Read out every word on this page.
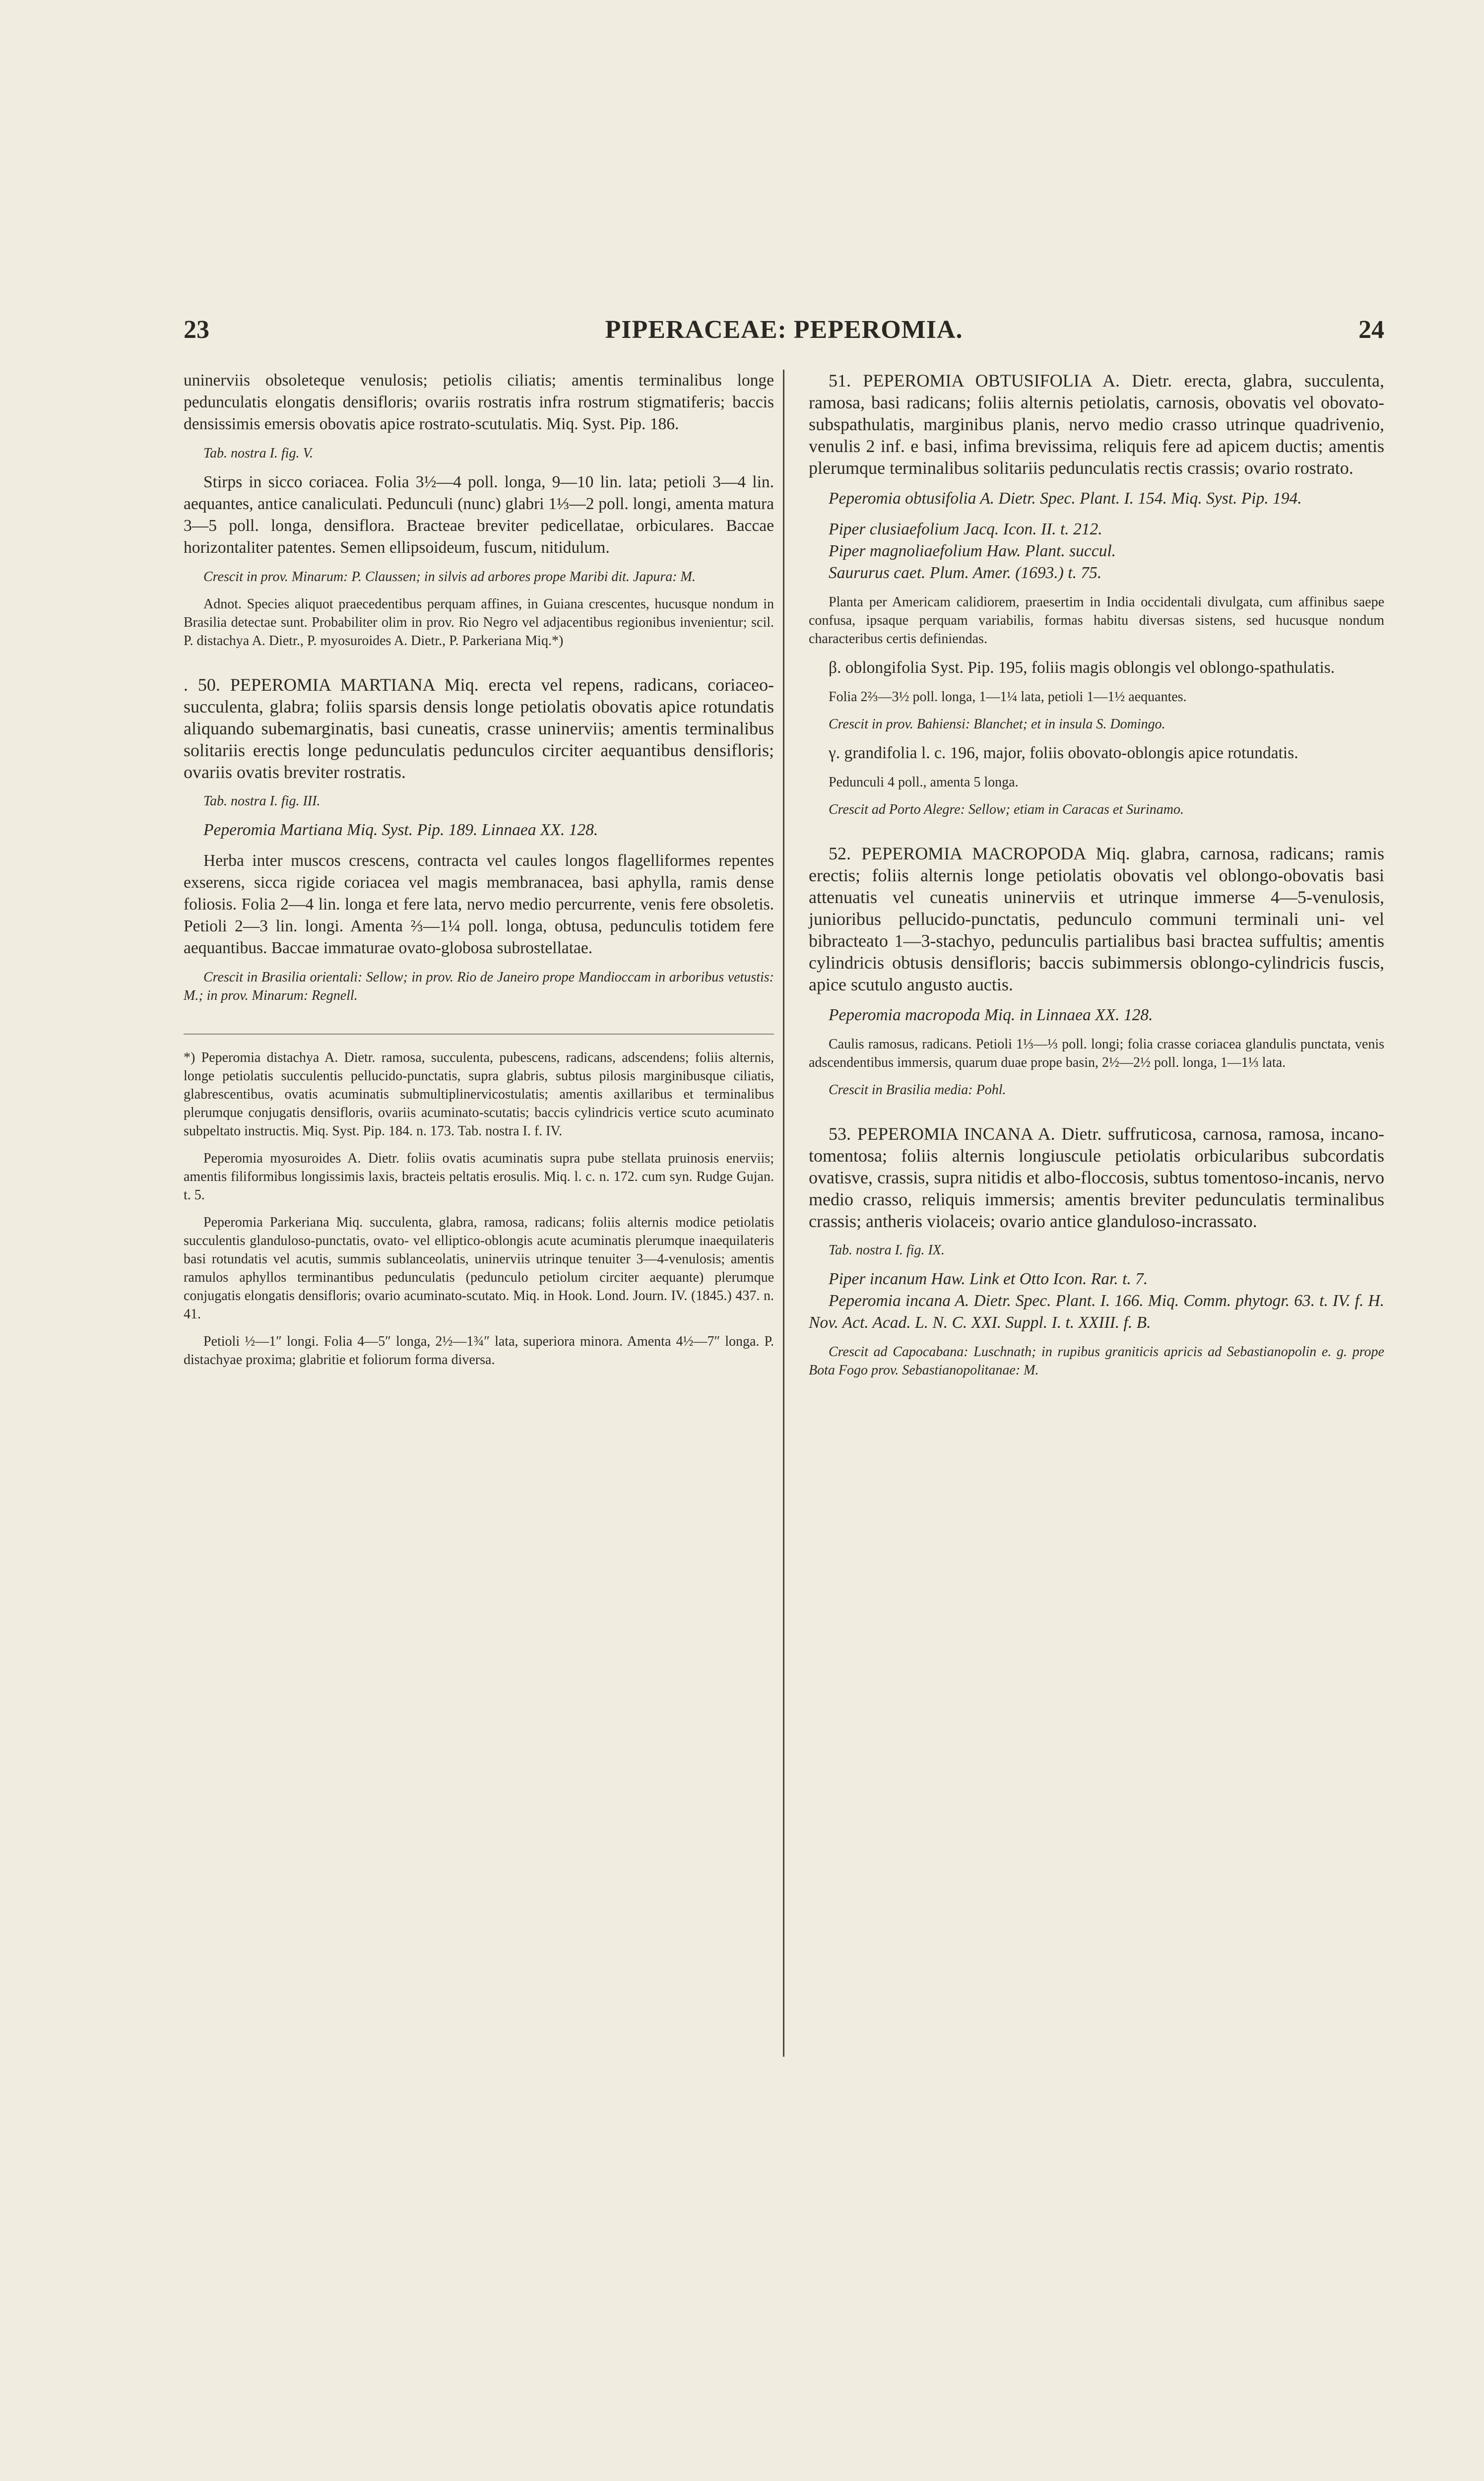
23	PIPERACEAE: PEPEROMIA.	24

uninerviis obsoleteque venulosis; petiolis ciliatis; amentis terminalibus longe pedunculatis elongatis densifloris; ovariis rostratis infra rostrum stigmatiferis; baccis densissimis emersis obovatis apice rostrato-scutulatis. Miq. Syst. Pip. 186.

Tab. nostra I. fig. V.

Stirps in sicco coriacea. Folia 3½—4 poll. longa, 9—10 lin. lata; petioli 3—4 lin. aequantes, antice canaliculati. Pedunculi (nunc) glabri 1⅓—2 poll. longi, amenta matura 3—5 poll. longa, densiflora. Bracteae breviter pedicellatae, orbiculares. Baccae horizontaliter patentes. Semen ellipsoideum, fuscum, nitidulum.

Crescit in prov. Minarum: P. Claussen; in silvis ad arbores prope Maribi dit. Japura: M.

Adnot. Species aliquot praecedentibus perquam affines, in Guiana crescentes, hucusque nondum in Brasilia detectae sunt. Probabiliter olim in prov. Rio Negro vel adjacentibus regionibus invenientur; scil. P. distachya A. Dietr., P. myosuroides A. Dietr., P. Parkeriana Miq.*)

. 50. PEPEROMIA MARTIANA Miq. erecta vel repens, radicans, coriaceo-succulenta, glabra; foliis sparsis densis longe petiolatis obovatis apice rotundatis aliquando subemarginatis, basi cuneatis, crasse uninerviis; amentis terminalibus solitariis erectis longe pedunculatis pedunculos circiter aequantibus densifloris; ovariis ovatis breviter rostratis.

Tab. nostra I. fig. III.

Peperomia Martiana Miq. Syst. Pip. 189. Linnaea XX. 128.

Herba inter muscos crescens, contracta vel caules longos flagelliformes repentes exserens, sicca rigide coriacea vel magis membranacea, basi aphylla, ramis dense foliosis. Folia 2—4 lin. longa et fere lata, nervo medio percurrente, venis fere obsoletis. Petioli 2—3 lin. longi. Amenta ⅔—1¼ poll. longa, obtusa, pedunculis totidem fere aequantibus. Baccae immaturae ovato-globosa subrostellatae.

Crescit in Brasilia orientali: Sellow; in prov. Rio de Janeiro prope Mandioccam in arboribus vetustis: M.; in prov. Minarum: Regnell.

*) Peperomia distachya A. Dietr. ramosa, succulenta, pubescens, radicans, adscendens; foliis alternis, longe petiolatis succulentis pellucido-punctatis, supra glabris, subtus pilosis marginibusque ciliatis, glabrescentibus, ovatis acuminatis submultiplinervicostulatis; amentis axillaribus et terminalibus plerumque conjugatis densifloris, ovariis acuminato-scutatis; baccis cylindricis vertice scuto acuminato subpeltato instructis. Miq. Syst. Pip. 184. n. 173. Tab. nostra I. f. IV.

Peperomia myosuroides A. Dietr. foliis ovatis acuminatis supra pube stellata pruinosis enerviis; amentis filiformibus longissimis laxis, bracteis peltatis erosulis. Miq. l. c. n. 172. cum syn. Rudge Gujan. t. 5.

Peperomia Parkeriana Miq. succulenta, glabra, ramosa, radicans; foliis alternis modice petiolatis succulentis glanduloso-punctatis, ovato- vel elliptico-oblongis acute acuminatis plerumque inaequilateris basi rotundatis vel acutis, summis sublanceolatis, uninerviis utrinque tenuiter 3—4-venulosis; amentis ramulos aphyllos terminantibus pedunculatis (pedunculo petiolum circiter aequante) plerumque conjugatis elongatis densifloris; ovario acuminato-scutato. Miq. in Hook. Lond. Journ. IV. (1845.) 437. n. 41.

Petioli ½—1″ longi. Folia 4—5″ longa, 2½—1¾″ lata, superiora minora. Amenta 4½—7″ longa. P. distachyae proxima; glabritie et foliorum forma diversa.

51. PEPEROMIA OBTUSIFOLIA A. Dietr. erecta, glabra, succulenta, ramosa, basi radicans; foliis alternis petiolatis, carnosis, obovatis vel obovato-subspathulatis, marginibus planis, nervo medio crasso utrinque quadrivenio, venulis 2 inf. e basi, infima brevissima, reliquis fere ad apicem ductis; amentis plerumque terminalibus solitariis pedunculatis rectis crassis; ovario rostrato.

Peperomia obtusifolia A. Dietr. Spec. Plant. I. 154. Miq. Syst. Pip. 194.

Piper clusiaefolium Jacq. Icon. II. t. 212.

Piper magnoliaefolium Haw. Plant. succul.

Saururus caet. Plum. Amer. (1693.) t. 75.

Planta per Americam calidiorem, praesertim in India occidentali divulgata, cum affinibus saepe confusa, ipsaque perquam variabilis, formas habitu diversas sistens, sed hucusque nondum characteribus certis definiendas.

β. oblongifolia Syst. Pip. 195, foliis magis oblongis vel oblongo-spathulatis.

Folia 2⅔—3½ poll. longa, 1—1¼ lata, petioli 1—1½ aequantes.

Crescit in prov. Bahiensi: Blanchet; et in insula S. Domingo.

γ. grandifolia l. c. 196, major, foliis obovato-oblongis apice rotundatis.

Pedunculi 4 poll., amenta 5 longa.

Crescit ad Porto Alegre: Sellow; etiam in Caracas et Surinamo.

52. PEPEROMIA MACROPODA Miq. glabra, carnosa, radicans; ramis erectis; foliis alternis longe petiolatis obovatis vel oblongo-obovatis basi attenuatis vel cuneatis uninerviis et utrinque immerse 4—5-venulosis, junioribus pellucido-punctatis, pedunculo communi terminali uni- vel bibracteato 1—3-stachyo, pedunculis partialibus basi bractea suffultis; amentis cylindricis obtusis densifloris; baccis subimmersis oblongo-cylindricis fuscis, apice scutulo angusto auctis.

Peperomia macropoda Miq. in Linnaea XX. 128.

Caulis ramosus, radicans. Petioli 1⅓—⅓ poll. longi; folia crasse coriacea glandulis punctata, venis adscendentibus immersis, quarum duae prope basin, 2½—2½ poll. longa, 1—1⅓ lata.

Crescit in Brasilia media: Pohl.

53. PEPEROMIA INCANA A. Dietr. suffruticosa, carnosa, ramosa, incano-tomentosa; foliis alternis longiuscule petiolatis orbicularibus subcordatis ovatisve, crassis, supra nitidis et albo-floccosis, subtus tomentoso-incanis, nervo medio crasso, reliquis immersis; amentis breviter pedunculatis terminalibus crassis; antheris violaceis; ovario antice glanduloso-incrassato.

Tab. nostra I. fig. IX.

Piper incanum Haw. Link et Otto Icon. Rar. t. 7.

Peperomia incana A. Dietr. Spec. Plant. I. 166. Miq. Comm. phytogr. 63. t. IV. f. H. Nov. Act. Acad. L. N. C. XXI. Suppl. I. t. XXIII. f. B.

Crescit ad Capocabana: Luschnath; in rupibus graniticis apricis ad Sebastianopolin e. g. prope Bota Fogo prov. Sebastianopolitanae: M.
